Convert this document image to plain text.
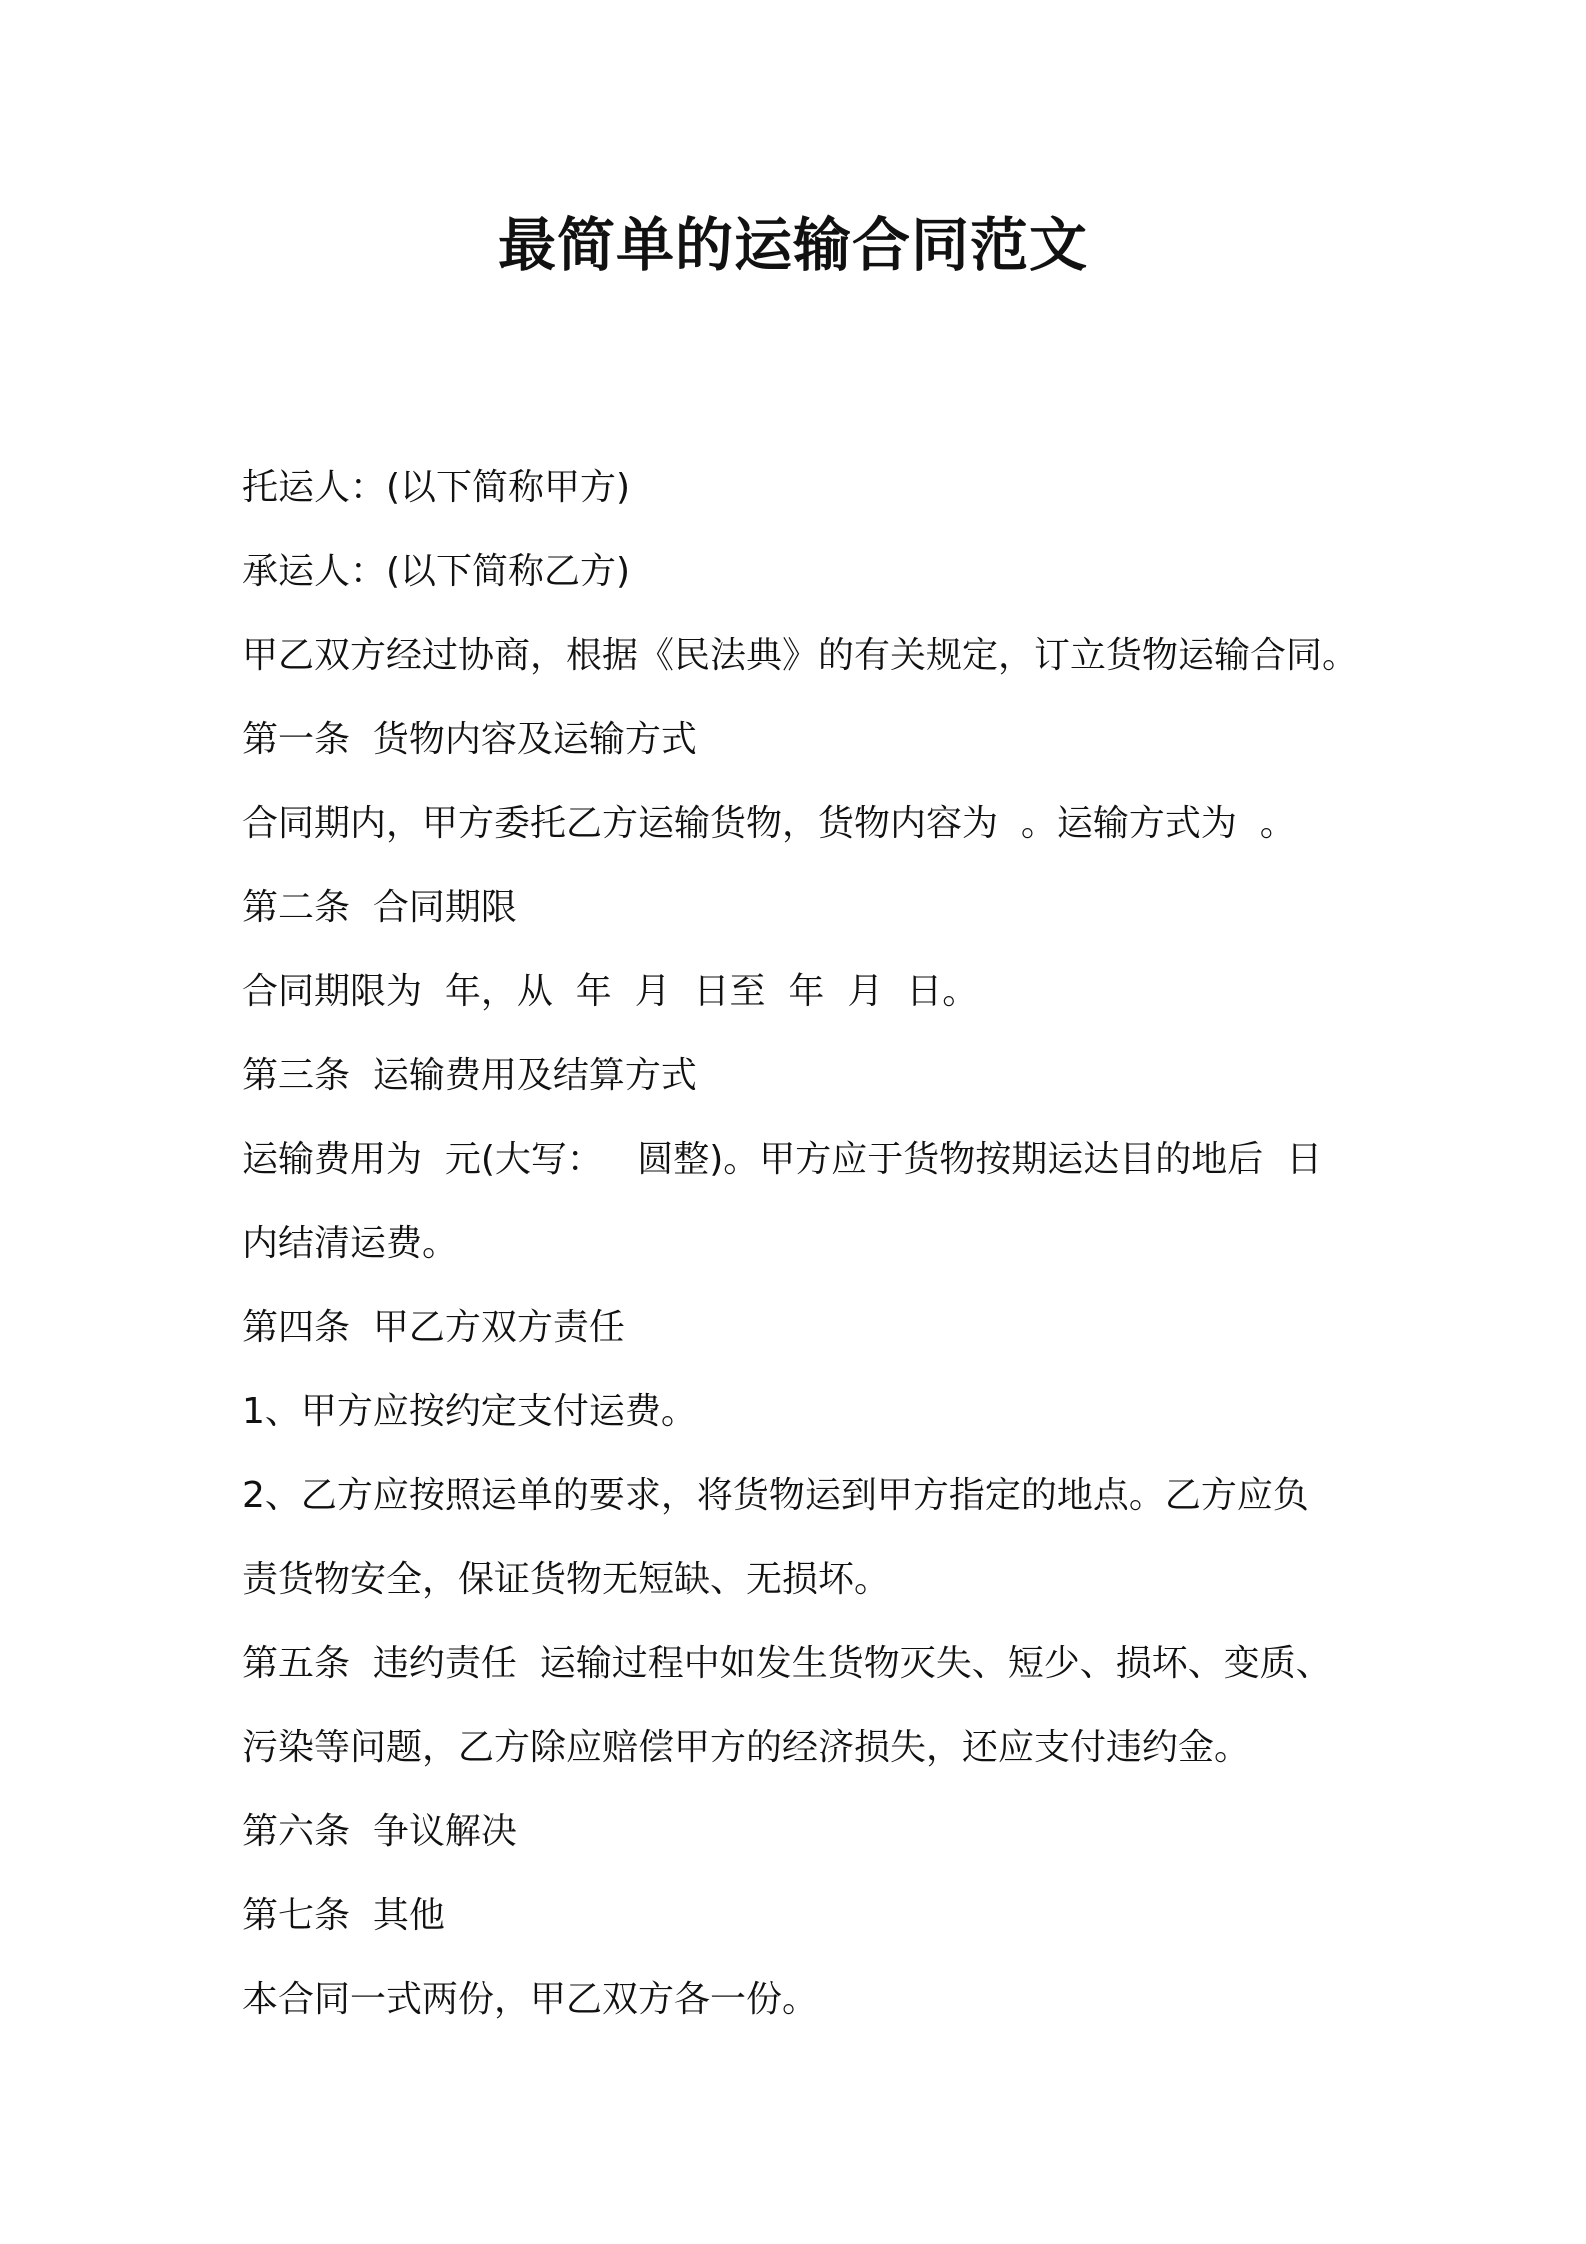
最简单的运输合同范文
托运人：(以下简称甲方)
承运人：(以下简称乙方)
甲乙双方经过协商，根据《民法典》的有关规定，订立货物运输合同。
第一条  货物内容及运输方式
合同期内，甲方委托乙方运输货物，货物内容为  。运输方式为  。
第二条  合同期限
合同期限为  年，从  年  月  日至  年  月  日。
第三条  运输费用及结算方式
运输费用为  元(大写：   圆整)。甲方应于货物按期运达目的地后  日
内结清运费。
第四条  甲乙方双方责任
1、甲方应按约定支付运费。
2、乙方应按照运单的要求，将货物运到甲方指定的地点。乙方应负
责货物安全，保证货物无短缺、无损坏。
第五条  违约责任  运输过程中如发生货物灭失、短少、损坏、变质、
污染等问题，乙方除应赔偿甲方的经济损失，还应支付违约金。
第六条  争议解决
第七条  其他
本合同一式两份，甲乙双方各一份。
